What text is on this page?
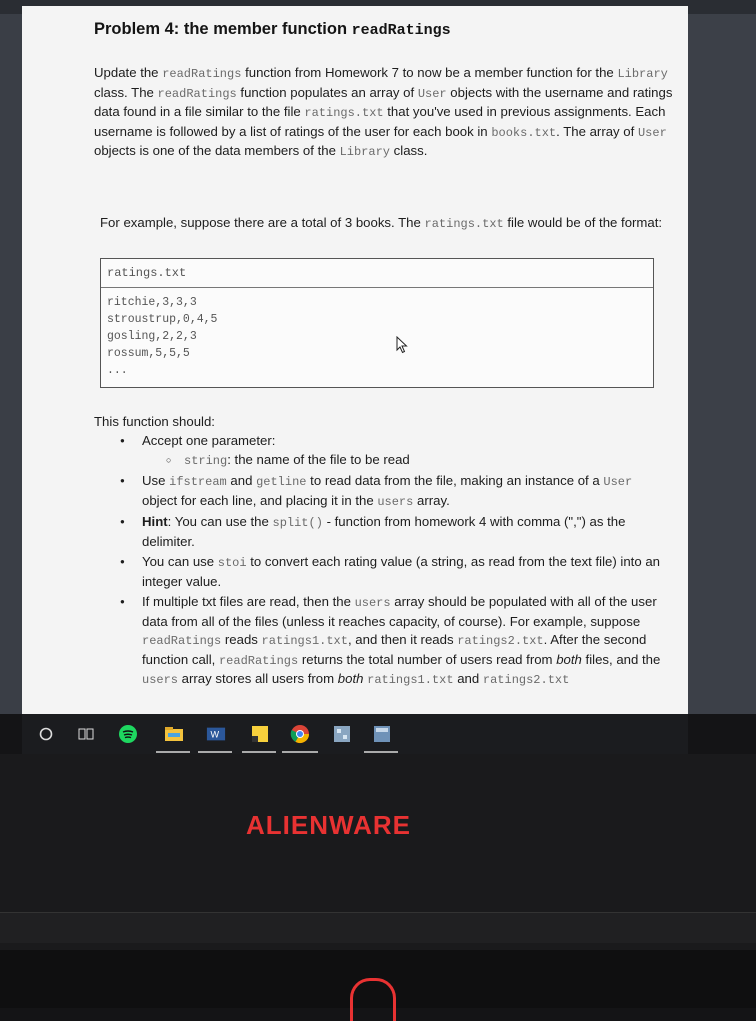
Problem 4: the member function readRatings
Update the readRatings function from Homework 7 to now be a member function for the Library class. The readRatings function populates an array of User objects with the username and ratings data found in a file similar to the file ratings.txt that you've used in previous assignments. Each username is followed by a list of ratings of the user for each book in books.txt. The array of User objects is one of the data members of the Library class.
For example, suppose there are a total of 3 books. The ratings.txt file would be of the format:
ratings.txt
ritchie,3,3,3
stroustrup,0,4,5
gosling,2,2,3
rossum,5,5,5
...
This function should:
● Accept one parameter:
○ string: the name of the file to be read
● Use ifstream and getline to read data from the file, making an instance of a User object for each line, and placing it in the users array.
● Hint: You can use the split() - function from homework 4 with comma (",") as the delimiter.
● You can use stoi to convert each rating value (a string, as read from the text file) into an integer value.
● If multiple txt files are read, then the users array should be populated with all of the user data from all of the files (unless it reaches capacity, of course). For example, suppose readRatings reads ratings1.txt, and then it reads ratings2.txt. After the second function call, readRatings returns the total number of users read from both files, and the users array stores all users from both ratings1.txt and ratings2.txt
W
ALIENWARE
